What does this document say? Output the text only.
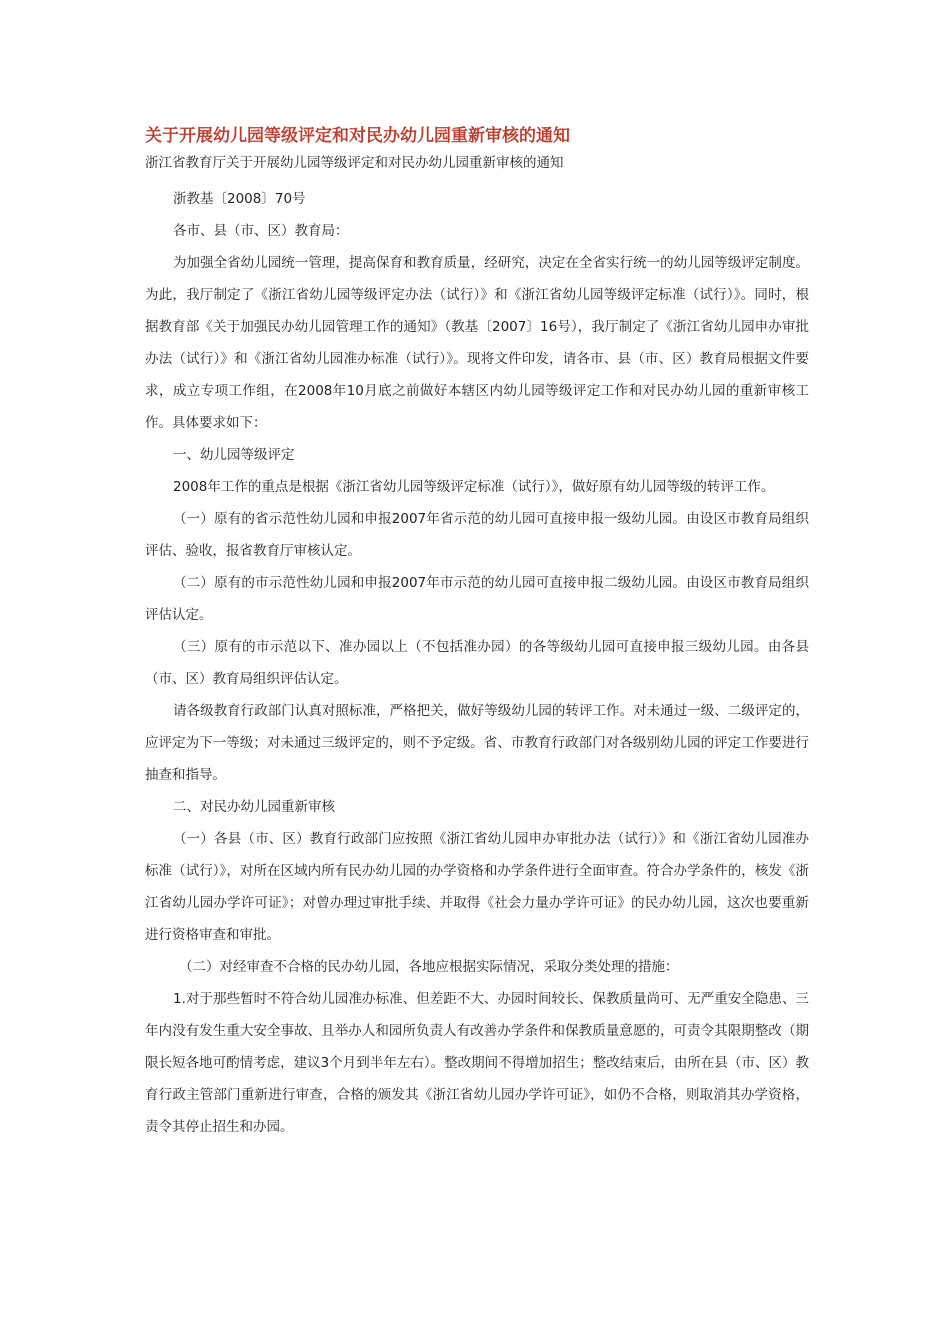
关于开展幼儿园等级评定和对民办幼儿园重新审核的通知

浙江省教育厅关于开展幼儿园等级评定和对民办幼儿园重新审核的通知

浙教基〔2008〕70号

各市、县（市、区）教育局：

为加强全省幼儿园统一管理，提高保育和教育质量，经研究，决定在全省实行统一的幼儿园等级评定制度。为此，我厅制定了《浙江省幼儿园等级评定办法（试行）》和《浙江省幼儿园等级评定标准（试行）》。同时，根据教育部《关于加强民办幼儿园管理工作的通知》（教基〔2007〕16号），我厅制定了《浙江省幼儿园申办审批办法（试行）》和《浙江省幼儿园准办标准（试行）》。现将文件印发，请各市、县（市、区）教育局根据文件要求，成立专项工作组，在2008年10月底之前做好本辖区内幼儿园等级评定工作和对民办幼儿园的重新审核工作。具体要求如下：

一、幼儿园等级评定

2008年工作的重点是根据《浙江省幼儿园等级评定标准（试行）》，做好原有幼儿园等级的转评工作。

（一）原有的省示范性幼儿园和申报2007年省示范的幼儿园可直接申报一级幼儿园。由设区市教育局组织评估、验收，报省教育厅审核认定。

（二）原有的市示范性幼儿园和申报2007年市示范的幼儿园可直接申报二级幼儿园。由设区市教育局组织评估认定。

（三）原有的市示范以下、准办园以上（不包括准办园）的各等级幼儿园可直接申报三级幼儿园。由各县（市、区）教育局组织评估认定。

请各级教育行政部门认真对照标准，严格把关，做好等级幼儿园的转评工作。对未通过一级、二级评定的，应评定为下一等级；对未通过三级评定的，则不予定级。省、市教育行政部门对各级别幼儿园的评定工作要进行抽查和指导。

二、对民办幼儿园重新审核

（一）各县（市、区）教育行政部门应按照《浙江省幼儿园申办审批办法（试行）》和《浙江省幼儿园准办标准（试行）》，对所在区域内所有民办幼儿园的办学资格和办学条件进行全面审查。符合办学条件的，核发《浙江省幼儿园办学许可证》；对曾办理过审批手续、并取得《社会力量办学许可证》的民办幼儿园，这次也要重新进行资格审查和审批。

（二）对经审查不合格的民办幼儿园，各地应根据实际情况，采取分类处理的措施：

1.对于那些暂时不符合幼儿园准办标准、但差距不大、办园时间较长、保教质量尚可、无严重安全隐患、三年内没有发生重大安全事故、且举办人和园所负责人有改善办学条件和保教质量意愿的，可责令其限期整改（期限长短各地可酌情考虑，建议3个月到半年左右）。整改期间不得增加招生；整改结束后，由所在县（市、区）教育行政主管部门重新进行审查，合格的颁发其《浙江省幼儿园办学许可证》，如仍不合格，则取消其办学资格，责令其停止招生和办园。
